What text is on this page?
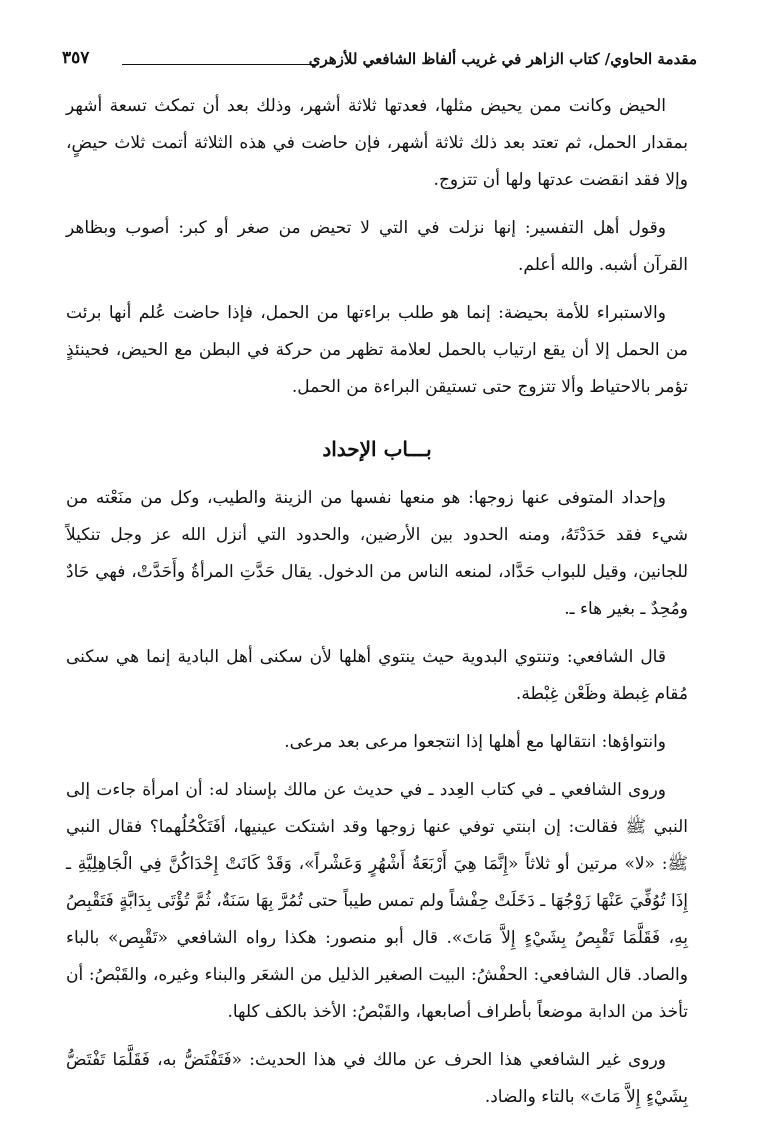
مقدمة الحاوي/ كتاب الزاهر في غريب ألفاظ الشافعي للأزهري
٣٥٧

الحيض وكانت ممن يحيض مثلها، فعدتها ثلاثة أشهر، وذلك بعد أن تمكث تسعة أشهر بمقدار الحمل، ثم تعتد بعد ذلك ثلاثة أشهر، فإن حاضت في هذه الثلاثة أتمت ثلاث حيضٍ، وإلا فقد انقضت عدتها ولها أن تتزوج.

وقول أهل التفسير: إنها نزلت في التي لا تحيض من صغر أو كبر: أصوب وبظاهر القرآن أشبه. والله أعلم.

والاستبراء للأمة بحيضة: إنما هو طلب براءتها من الحمل، فإذا حاضت عُلم أنها برئت من الحمل إلا أن يقع ارتياب بالحمل لعلامة تظهر من حركة في البطن مع الحيض، فحينئذٍ تؤمر بالاحتياط وألا تتزوج حتى تستيقن البراءة من الحمل.

بـــاب الإحداد

وإحداد المتوفى عنها زوجها: هو منعها نفسها من الزينة والطيب، وكل من منَعْته من شيء فقد حَدَدْتَهُ، ومنه الحدود بين الأرضين، والحدود التي أنزل الله عز وجل تنكيلاً للجانين، وقيل للبواب حَدَّاد، لمنعه الناس من الدخول. يقال حَدَّتِ المرأةُ وأَحَدَّتْ، فهي حَادٌ ومُحِدٌ ـ بغير هاء ـ.

قال الشافعي: وتنتوي البدوية حيث ينتوي أهلها لأن سكنى أهل البادية إنما هي سكنى مُقام غِبطة وظَعْن غِبْطة.

وانتواؤها: انتقالها مع أهلها إذا انتجعوا مرعى بعد مرعى.

وروى الشافعي ـ في كتاب العِدد ـ في حديث عن مالك بإسناد له: أن امرأة جاءت إلى النبي ﷺ فقالت: إن ابنتي توفي عنها زوجها وقد اشتكت عينيها، أفَتَكْحُلُهما؟ فقال النبي ﷺ: «لا» مرتين أو ثلاثاً «إِنَّمَا هِيَ أَرْبَعَةُ أَشْهُرٍ وَعَشْراً»، وَقَدْ كَانَتْ إِحْدَاكُنَّ فِي الْجَاهِلِيَّةِ ـ إِذَا تُوُفِّيَ عَنْهَا زَوْجُهَا ـ دَخَلَتْ حِفْشاً ولم تمس طيباً حتى تُمُرَّ بِهَا سَنَةٌ، ثُمَّ تُؤْتَى بِدَابَّةٍ فَتَقْبِصُ بِهِ، فَقَلَّمَا تَقْبِصُ بِشَيْءٍ إِلاَّ مَاتَ». قال أبو منصور: هكذا رواه الشافعي «تَقْبِص» بالباء والصاد. قال الشافعي: الحفْشُ: البيت الصغير الذليل من الشعَر والبناء وغيره، والقَبْصُ: أن تأخذ من الدابة موضعاً بأطراف أصابعها، والقَبْصُ: الأخذ بالكف كلها.

وروى غير الشافعي هذا الحرف عن مالك في هذا الحديث: «فَتَفْتَضُّ به، فَقَلَّمَا تَفْتَضُّ بِشَيْءٍ إِلاَّ مَاتَ» بالتاء والضاد.
